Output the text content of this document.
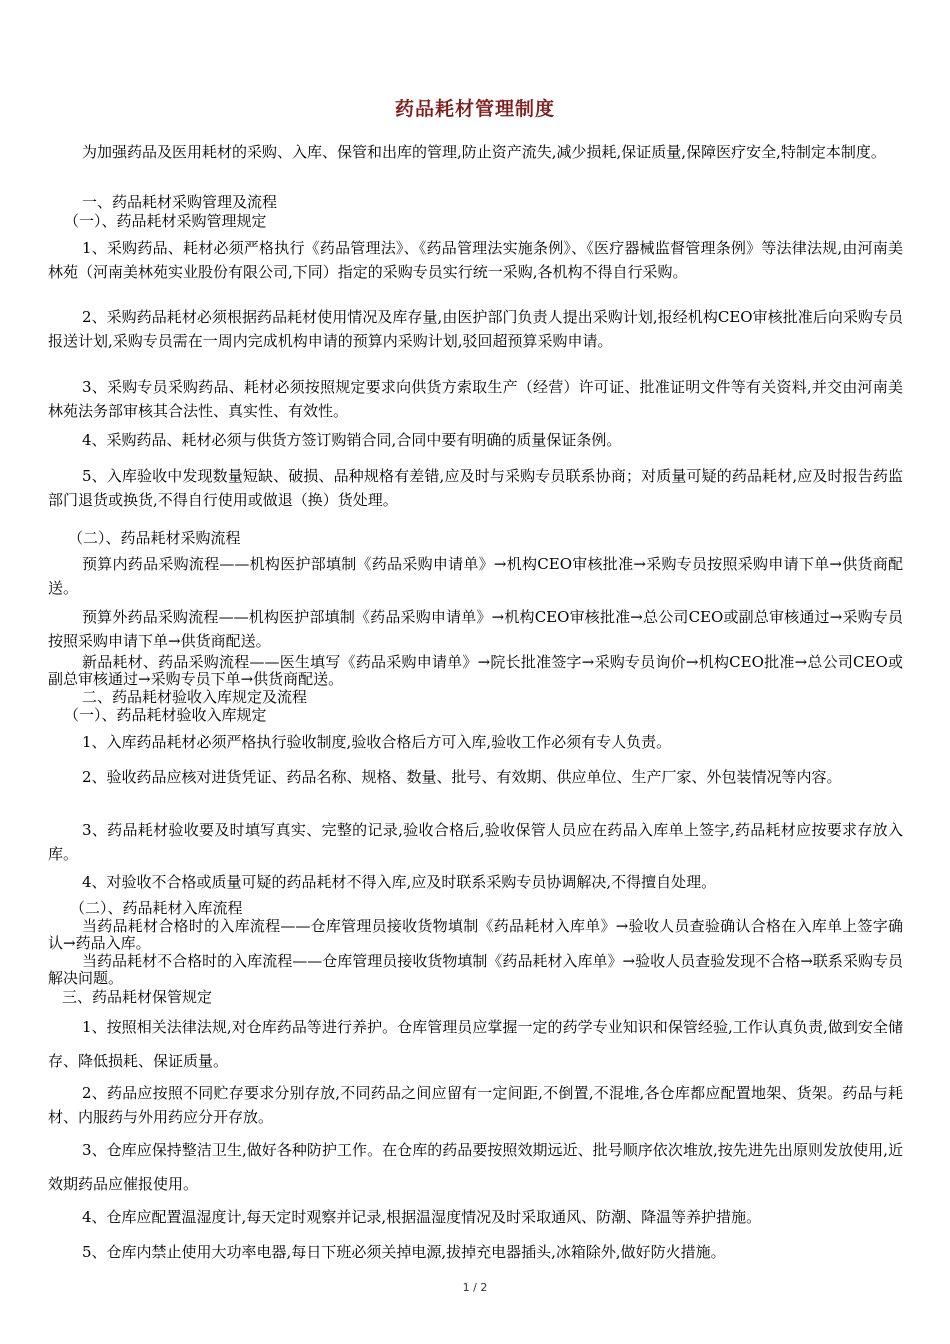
药品耗材管理制度
为加强药品及医用耗材的采购、入库、保管和出库的管理,防止资产流失,减少损耗,保证质量,保障医疗安全,特制定本制度。
一、药品耗材采购管理及流程
（一）、药品耗材采购管理规定
1、采购药品、耗材必须严格执行《药品管理法》、《药品管理法实施条例》、《医疗器械监督管理条例》等法律法规,由河南美林苑（河南美林苑实业股份有限公司,下同）指定的采购专员实行统一采购,各机构不得自行采购。
2、采购药品耗材必须根据药品耗材使用情况及库存量,由医护部门负责人提出采购计划,报经机构CEO审核批准后向采购专员报送计划,采购专员需在一周内完成机构申请的预算内采购计划,驳回超预算采购申请。
3、采购专员采购药品、耗材必须按照规定要求向供货方索取生产（经营）许可证、批准证明文件等有关资料,并交由河南美林苑法务部审核其合法性、真实性、有效性。
4、采购药品、耗材必须与供货方签订购销合同,合同中要有明确的质量保证条例。
5、入库验收中发现数量短缺、破损、品种规格有差错,应及时与采购专员联系协商；对质量可疑的药品耗材,应及时报告药监部门退货或换货,不得自行使用或做退（换）货处理。
（二）、药品耗材采购流程
预算内药品采购流程——机构医护部填制《药品采购申请单》→机构CEO审核批准→采购专员按照采购申请下单→供货商配送。
预算外药品采购流程——机构医护部填制《药品采购申请单》→机构CEO审核批准→总公司CEO或副总审核通过→采购专员按照采购申请下单→供货商配送。
新品耗材、药品采购流程——医生填写《药品采购申请单》→院长批准签字→采购专员询价→机构CEO批准→总公司CEO或副总审核通过→采购专员下单→供货商配送。
二、药品耗材验收入库规定及流程
（一）、药品耗材验收入库规定
1、入库药品耗材必须严格执行验收制度,验收合格后方可入库,验收工作必须有专人负责。
2、验收药品应核对进货凭证、药品名称、规格、数量、批号、有效期、供应单位、生产厂家、外包装情况等内容。
3、药品耗材验收要及时填写真实、完整的记录,验收合格后,验收保管人员应在药品入库单上签字,药品耗材应按要求存放入库。
4、对验收不合格或质量可疑的药品耗材不得入库,应及时联系采购专员协调解决,不得擅自处理。
（二）、药品耗材入库流程
当药品耗材合格时的入库流程——仓库管理员接收货物填制《药品耗材入库单》→验收人员查验确认合格在入库单上签字确认→药品入库。
当药品耗材不合格时的入库流程——仓库管理员接收货物填制《药品耗材入库单》→验收人员查验发现不合格→联系采购专员解决问题。
三、药品耗材保管规定
1、按照相关法律法规,对仓库药品等进行养护。仓库管理员应掌握一定的药学专业知识和保管经验,工作认真负责,做到安全储存、降低损耗、保证质量。
2、药品应按照不同贮存要求分别存放,不同药品之间应留有一定间距,不倒置,不混堆,各仓库都应配置地架、货架。药品与耗材、内服药与外用药应分开存放。
3、仓库应保持整洁卫生,做好各种防护工作。在仓库的药品要按照效期远近、批号顺序依次堆放,按先进先出原则发放使用,近效期药品应催报使用。
4、仓库应配置温湿度计,每天定时观察并记录,根据温湿度情况及时采取通风、防潮、降温等养护措施。
5、仓库内禁止使用大功率电器,每日下班必须关掉电源,拔掉充电器插头,冰箱除外,做好防火措施。
1 / 2
